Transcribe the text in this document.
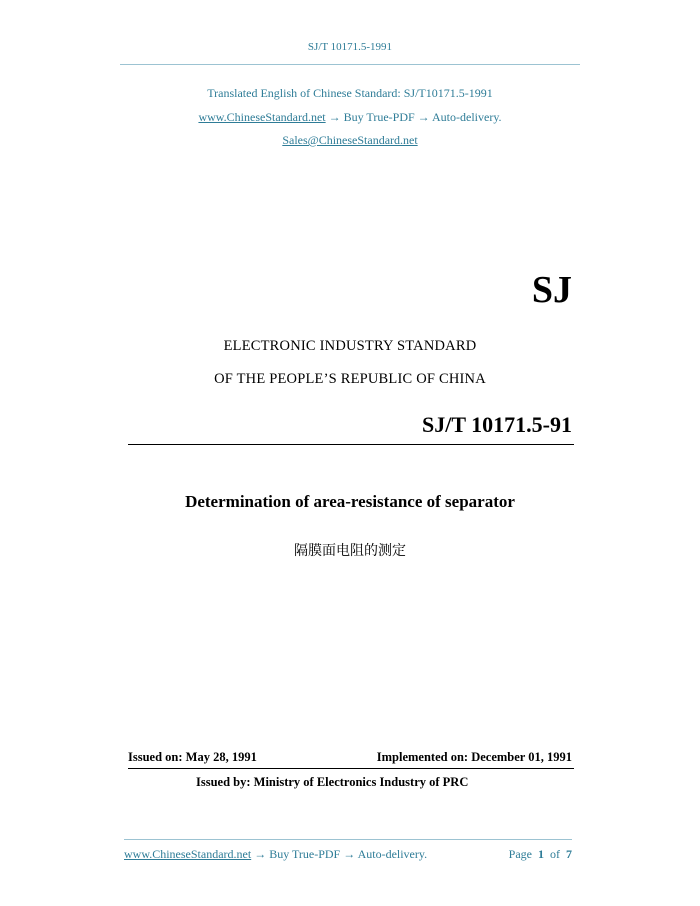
SJ/T 10171.5-1991
Translated English of Chinese Standard: SJ/T10171.5-1991
www.ChineseStandard.net → Buy True-PDF → Auto-delivery.
Sales@ChineseStandard.net
SJ
ELECTRONIC INDUSTRY STANDARD
OF THE PEOPLE’S REPUBLIC OF CHINA
SJ/T 10171.5-91
Determination of area-resistance of separator
隔膜面电阻的测定
Issued on: May 28, 1991	Implemented on: December 01, 1991
Issued by: Ministry of Electronics Industry of PRC
www.ChineseStandard.net → Buy True-PDF → Auto-delivery.	Page 1 of 7
